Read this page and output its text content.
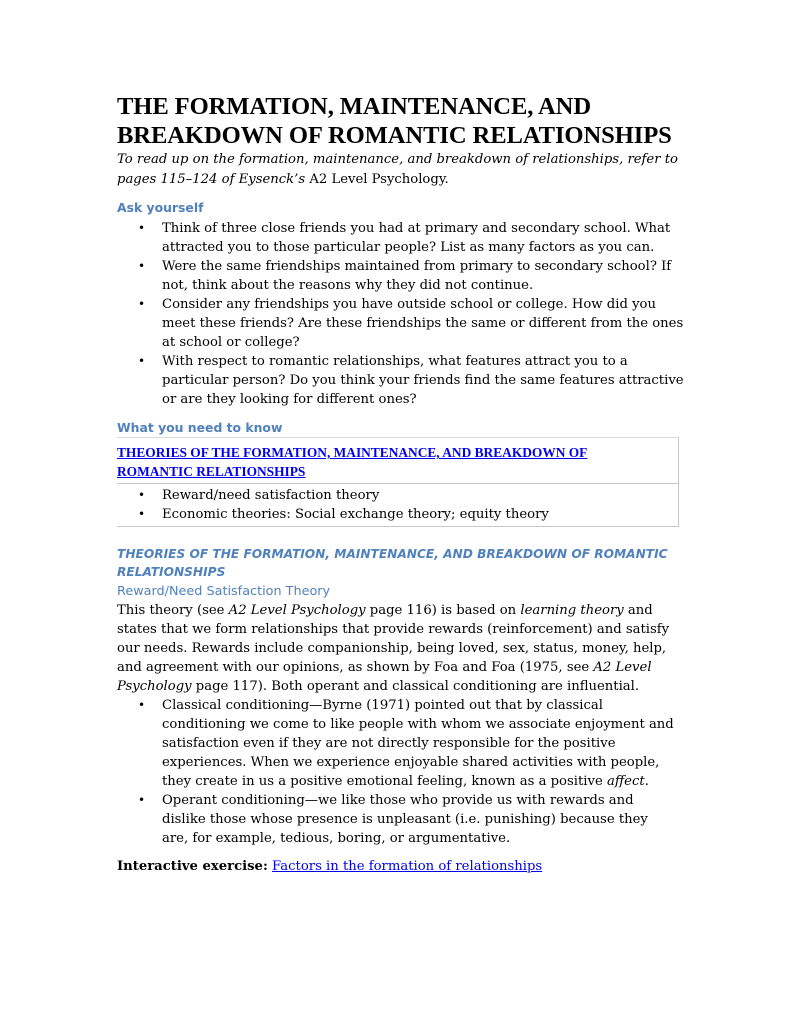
THE FORMATION, MAINTENANCE, AND
BREAKDOWN OF ROMANTIC RELATIONSHIPS

To read up on the formation, maintenance, and breakdown of relationships, refer to pages 115–124 of Eysenck’s A2 Level Psychology.

Ask yourself

• Think of three close friends you had at primary and secondary school. What attracted you to those particular people? List as many factors as you can.
• Were the same friendships maintained from primary to secondary school? If not, think about the reasons why they did not continue.
• Consider any friendships you have outside school or college. How did you meet these friends? Are these friendships the same or different from the ones at school or college?
• With respect to romantic relationships, what features attract you to a particular person? Do you think your friends find the same features attractive or are they looking for different ones?

What you need to know

THEORIES OF THE FORMATION, MAINTENANCE, AND BREAKDOWN OF ROMANTIC RELATIONSHIPS

• Reward/need satisfaction theory
• Economic theories: Social exchange theory; equity theory

THEORIES OF THE FORMATION, MAINTENANCE, AND BREAKDOWN OF ROMANTIC RELATIONSHIPS

Reward/Need Satisfaction Theory

This theory (see A2 Level Psychology page 116) is based on learning theory and states that we form relationships that provide rewards (reinforcement) and satisfy our needs. Rewards include companionship, being loved, sex, status, money, help, and agreement with our opinions, as shown by Foa and Foa (1975, see A2 Level Psychology page 117). Both operant and classical conditioning are influential.

• Classical conditioning—Byrne (1971) pointed out that by classical conditioning we come to like people with whom we associate enjoyment and satisfaction even if they are not directly responsible for the positive experiences. When we experience enjoyable shared activities with people, they create in us a positive emotional feeling, known as a positive affect.
• Operant conditioning—we like those who provide us with rewards and dislike those whose presence is unpleasant (i.e. punishing) because they are, for example, tedious, boring, or argumentative.

Interactive exercise: Factors in the formation of relationships
